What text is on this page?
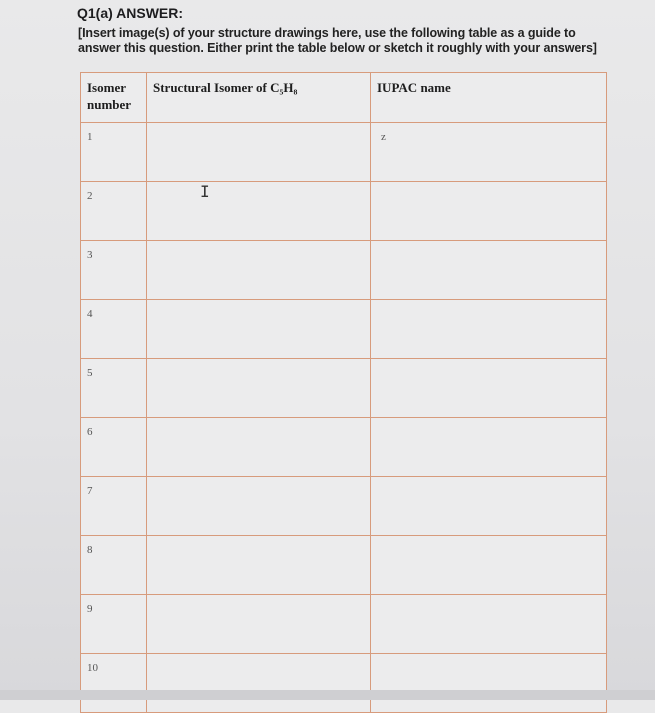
Q1(a) ANSWER:
[Insert image(s) of your structure drawings here, use the following table as a guide to answer this question. Either print the table below or sketch it roughly with your answers]
Isomer number	Structural Isomer of C₅H₈	IUPAC name
1		z
2		
3		
4		
5		
6		
7		
8		
9		
10		
I
